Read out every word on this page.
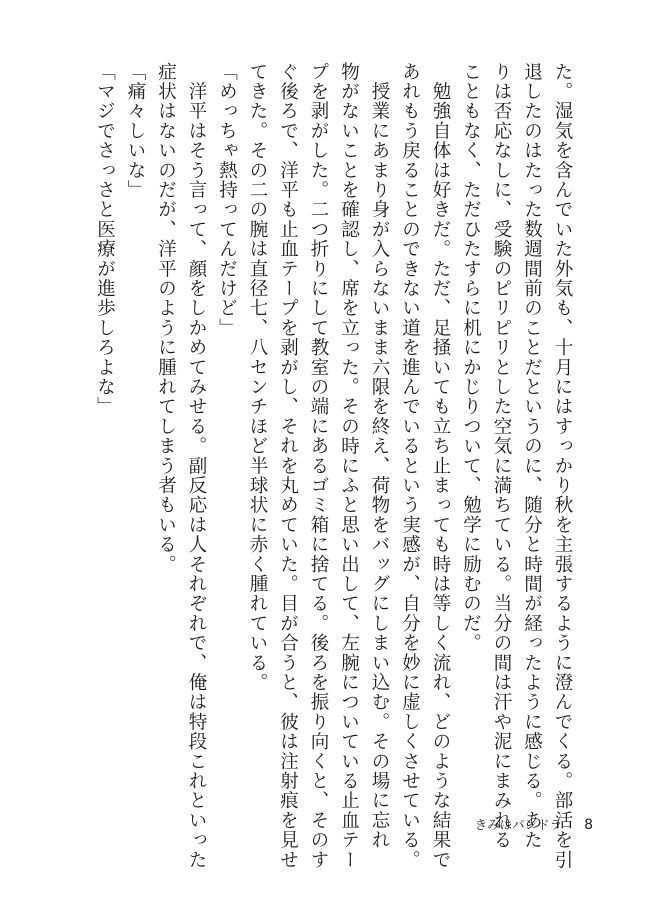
た。湿気を含んでいた外気も、十月にはすっかり秋を主張するように澄んでくる。部活を引
退したのはたった数週間前のことだというのに、随分と時間が経ったように感じる。あた
りは否応なしに、受験のピリピリとした空気に満ちている。当分の間は汗や泥にまみれる
こともなく、ただひたすらに机にかじりついて、勉学に励むのだ。
　勉強自体は好きだ。ただ、足掻いても立ち止まっても時は等しく流れ、どのような結果で
あれもう戻ることのできない道を進んでいるという実感が、自分を妙に虚しくさせている。
　授業にあまり身が入らないまま六限を終え、荷物をバッグにしまい込む。その場に忘れ
物がないことを確認し、席を立った。その時にふと思い出して、左腕についている止血テー
プを剥がした。二つ折りにして教室の端にあるゴミ箱に捨てる。後ろを振り向くと、そのす
ぐ後ろで、洋平も止血テープを剥がし、それを丸めていた。目が合うと、彼は注射痕を見せ
てきた。その二の腕は直径七、八センチほど半球状に赤く腫れている。
「めっちゃ熱持ってんだけど」
　洋平はそう言って、顔をしかめてみせる。副反応は人それぞれで、俺は特段これといった
症状はないのだが、洋平のように腫れてしまう者もいる。
「痛々しいな」
「マジでさっさと医療が進歩しろよな」
きみはパンドラ 8
